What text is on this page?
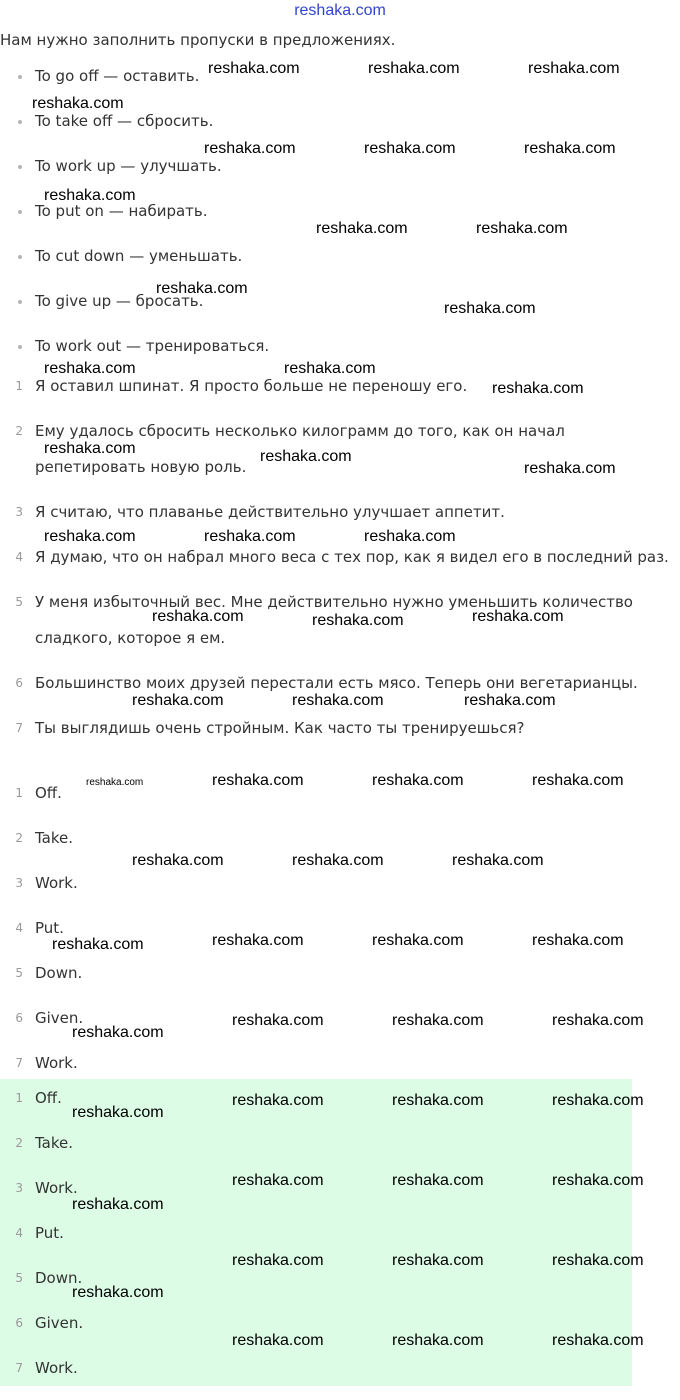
reshaka.com
Нам нужно заполнить пропуски в предложениях.
To go off — оставить.
To take off — сбросить.
To work up — улучшать.
To put on — набирать.
To cut down — уменьшать.
To give up — бросать.
To work out — тренироваться.
1 Я оставил шпинат. Я просто больше не переношу его.
2 Ему удалось сбросить несколько килограмм до того, как он начал репетировать новую роль.
3 Я считаю, что плаванье действительно улучшает аппетит.
4 Я думаю, что он набрал много веса с тех пор, как я видел его в последний раз.
5 У меня избыточный вес. Мне действительно нужно уменьшить количество сладкого, которое я ем.
6 Большинство моих друзей перестали есть мясо. Теперь они вегетарианцы.
7 Ты выглядишь очень стройным. Как часто ты тренируешься?
1 Off.
2 Take.
3 Work.
4 Put.
5 Down.
6 Given.
7 Work.
1 Off.
2 Take.
3 Work.
4 Put.
5 Down.
6 Given.
7 Work.
reshaka.com	reshaka.com	reshaka.com
reshaka.com
reshaka.com	reshaka.com	reshaka.com
reshaka.com
reshaka.com	reshaka.com
reshaka.com
reshaka.com
reshaka.com	reshaka.com
reshaka.com
reshaka.com	reshaka.com
reshaka.com
reshaka.com	reshaka.com	reshaka.com
reshaka.com	reshaka.com	reshaka.com
reshaka.com	reshaka.com	reshaka.com
reshaka.com	reshaka.com	reshaka.com
reshaka.com	reshaka.com	reshaka.com
reshaka.com	reshaka.com	reshaka.com	reshaka.com
reshaka.com
reshaka.com	reshaka.com	reshaka.com
reshaka.com	reshaka.com	reshaka.com
reshaka.com
reshaka.com	reshaka.com	reshaka.com
reshaka.com
reshaka.com	reshaka.com	reshaka.com
reshaka.com
reshaka.com	reshaka.com	reshaka.com
reshaka.com
